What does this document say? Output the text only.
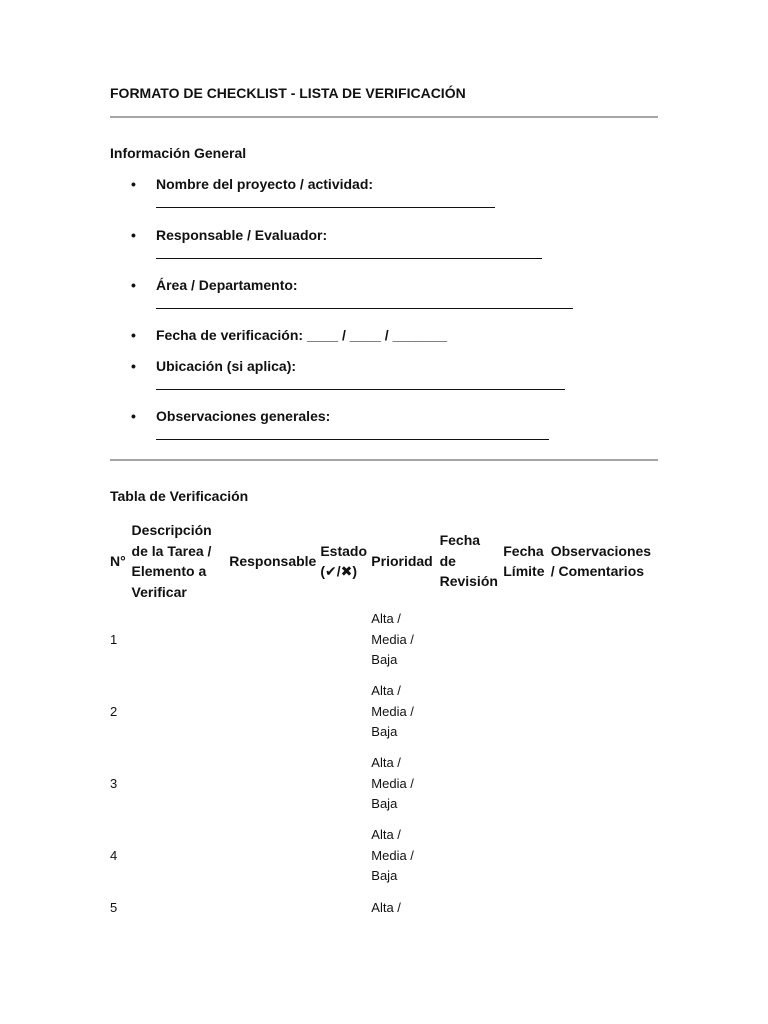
FORMATO DE CHECKLIST - LISTA DE VERIFICACIÓN
Información General
• Nombre del proyecto / actividad:
• Responsable / Evaluador:
• Área / Departamento:
• Fecha de verificación: ____ / ____ / _______
• Ubicación (si aplica):
• Observaciones generales:
Tabla de Verificación
N°	Descripción de la Tarea / Elemento a Verificar	Responsable	Estado (✔/✖)	Prioridad	Fecha de Revisión	Fecha Límite	Observaciones / Comentarios
1				Alta / Media / Baja			
2				Alta / Media / Baja			
3				Alta / Media / Baja			
4				Alta / Media / Baja			
5				Alta /			
